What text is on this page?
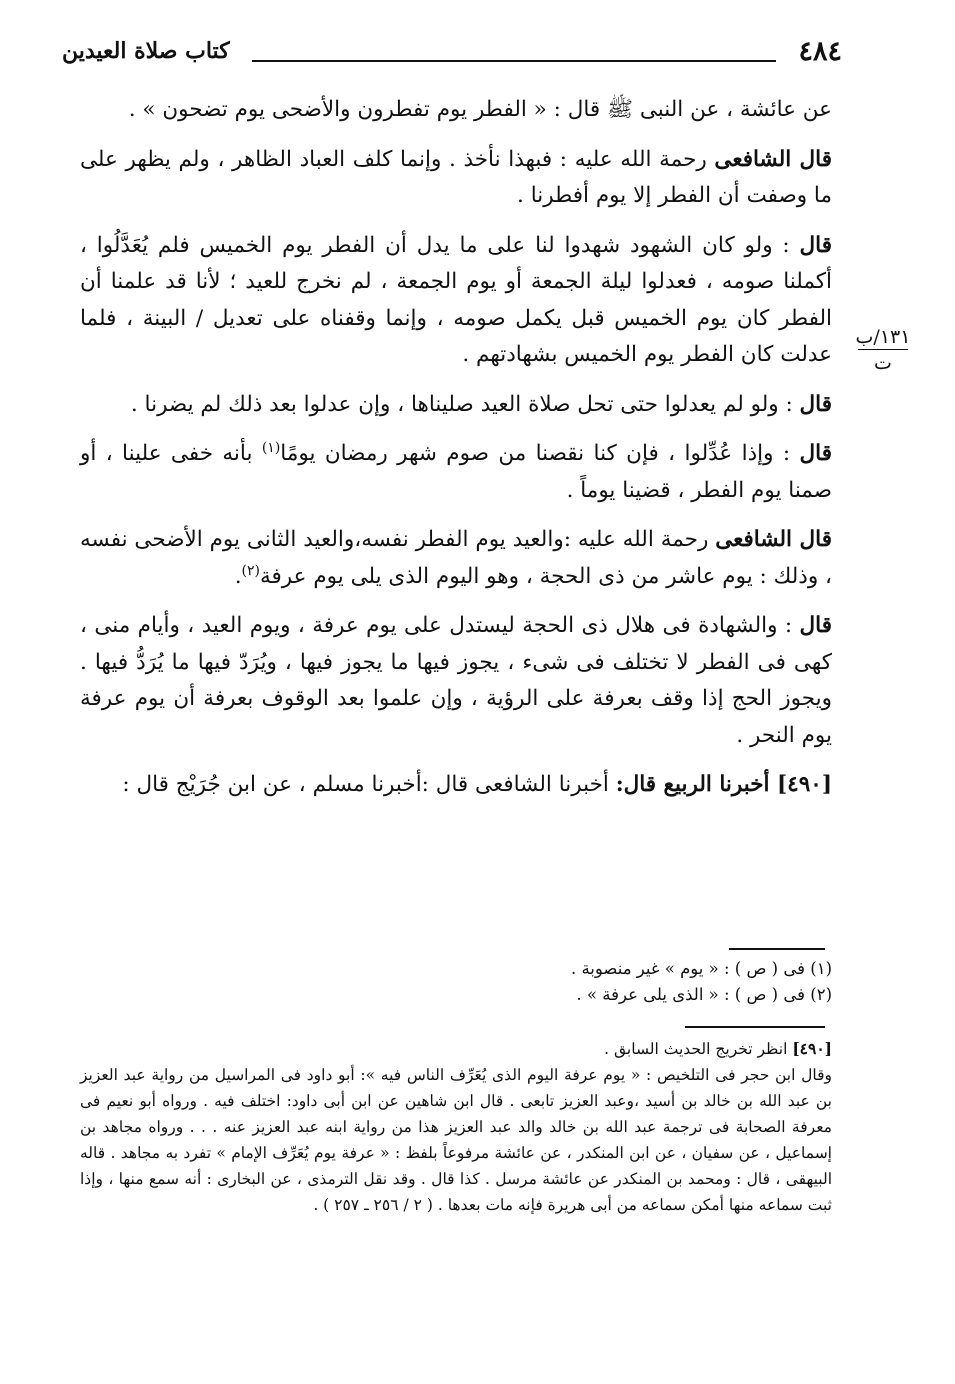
٤٨٤
كتاب صلاة العيدين
١٣١/ب
ت

عن عائشة ، عن النبى ﷺ قال : « الفطر يوم تفطرون والأضحى يوم تضحون » .

قال الشافعى رحمة الله عليه : فبهذا نأخذ . وإنما كلف العباد الظاهر ، ولم يظهر على ما وصفت أن الفطر إلا يوم أفطرنا .

قال : ولو كان الشهود شهدوا لنا على ما يدل أن الفطر يوم الخميس فلم يُعَدَّلُوا ، أكملنا صومه ، فعدلوا ليلة الجمعة أو يوم الجمعة ، لم نخرج للعيد ؛ لأنا قد علمنا أن الفطر كان يوم الخميس قبل يكمل صومه ، وإنما وقفناه على تعديل / البينة ، فلما عدلت كان الفطر يوم الخميس بشهادتهم .

قال : ولو لم يعدلوا حتى تحل صلاة العيد صليناها ، وإن عدلوا بعد ذلك لم يضرنا .

قال : وإذا عُدِّلوا ، فإن كنا نقصنا من صوم شهر رمضان يومًا$^{(١)}$ بأنه خفى علينا ، أو صمنا يوم الفطر ، قضينا يوماً .

قال الشافعى رحمة الله عليه :والعيد يوم الفطر نفسه،والعيد الثانى يوم الأضحى نفسه ، وذلك : يوم عاشر من ذى الحجة ، وهو اليوم الذى يلى يوم عرفة$^{(٢)}$.

قال : والشهادة فى هلال ذى الحجة ليستدل على يوم عرفة ، ويوم العيد ، وأيام منى ، كهى فى الفطر لا تختلف فى شىء ، يجوز فيها ما يجوز فيها ، ويُرَدّ فيها ما يُرَدُّ فيها . ويجوز الحج إذا وقف بعرفة على الرؤية ، وإن علموا بعد الوقوف بعرفة أن يوم عرفة يوم النحر .

[٤٩٠] أخبرنا الربيع قال: أخبرنا الشافعى قال :أخبرنا مسلم ، عن ابن جُرَيْج قال :

(١) فى ( ص ) : « يوم » غير منصوبة .

(٢) فى ( ص ) : « الذى يلى عرفة » .

[٤٩٠] انظر تخريج الحديث السابق .

وقال ابن حجر فى التلخيص : « يوم عرفة اليوم الذى يُعَرِّف الناس فيه »: أبو داود فى المراسيل من رواية عبد العزيز بن عبد الله بن خالد بن أسيد ،وعبد العزيز تابعى . قال ابن شاهين عن ابن أبى داود: اختلف فيه . ورواه أبو نعيم فى معرفة الصحابة فى ترجمة عبد الله بن خالد والد عبد العزيز هذا من رواية ابنه عبد العزيز عنه . . . ورواه مجاهد بن إسماعيل ، عن سفيان ، عن ابن المنكدر ، عن عائشة مرفوعاً بلفظ : « عرفة يوم يُعَرِّف الإمام » تفرد به مجاهد . قاله البيهقى ، قال : ومحمد بن المنكدر عن عائشة مرسل . كذا قال . وقد نقل الترمذى ، عن البخارى : أنه سمع منها ، وإذا ثبت سماعه منها أمكن سماعه من أبى هريرة فإنه مات بعدها . ( ٢ / ٢٥٦ ـ ٢٥٧ ) .
